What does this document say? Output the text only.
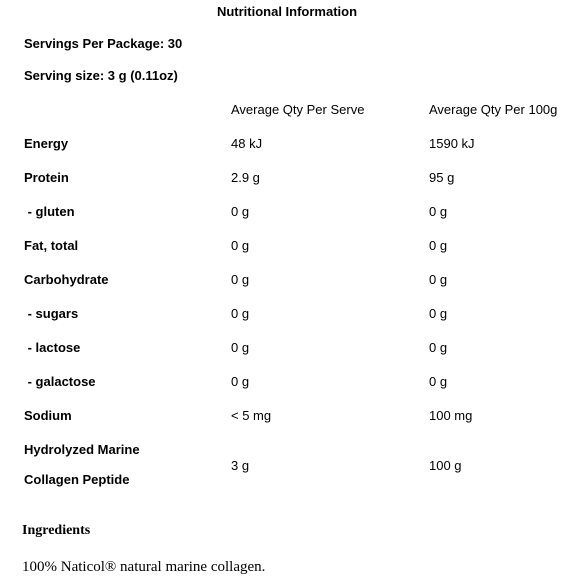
Nutritional Information
Servings Per Package: 30
Serving size: 3 g (0.11oz)
	Average Qty Per Serve	Average Qty Per 100g
Energy	48 kJ	1590 kJ
Protein	2.9 g	95 g
- gluten	0 g	0 g
Fat, total	0 g	0 g
Carbohydrate	0 g	0 g
- sugars	0 g	0 g
- lactose	0 g	0 g
- galactose	0 g	0 g
Sodium	< 5 mg	100 mg

Hydrolyzed Marine
Collagen Peptide	3 g	100 g
Ingredients
100% Naticol® natural marine collagen.
